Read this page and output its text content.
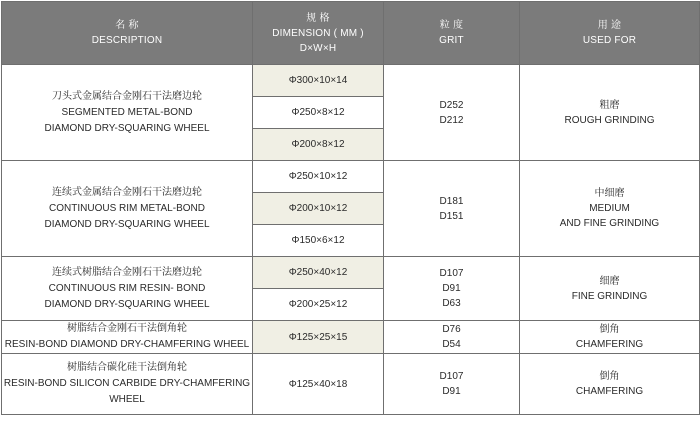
名 称
DESCRIPTION	规 格
DIMENSION ( MM )
D×W×H	粒 度
GRIT	用 途
USED FOR

刀头式金属结合金刚石干法磨边轮
SEGMENTED METAL-BOND
DIAMOND DRY-SQUARING WHEEL	Φ300×10×14	D252
D212	粗磨
ROUGH GRINDING

	Φ250×8×12		
	Φ200×8×12		

连续式金属结合金刚石干法磨边轮
CONTINUOUS RIM METAL-BOND
DIAMOND DRY-SQUARING WHEEL	Φ250×10×12	D181
D151	中细磨
MEDIUM
AND FINE GRINDING

	Φ200×10×12		
	Φ150×6×12		

连续式树脂结合金刚石干法磨边轮
CONTINUOUS RIM RESIN- BOND
DIAMOND DRY-SQUARING WHEEL	Φ250×40×12	D107
D91
D63	细磨
FINE GRINDING

	Φ200×25×12		

树脂结合金刚石干法倒角轮
RESIN-BOND DIAMOND DRY-CHAMFERING WHEEL	Φ125×25×15	D76
D54	倒角
CHAMFERING

树脂结合碳化硅干法倒角轮
RESIN-BOND SILICON CARBIDE DRY-CHAMFERING
WHEEL	Φ125×40×18	D107
D91	倒角
CHAMFERING
